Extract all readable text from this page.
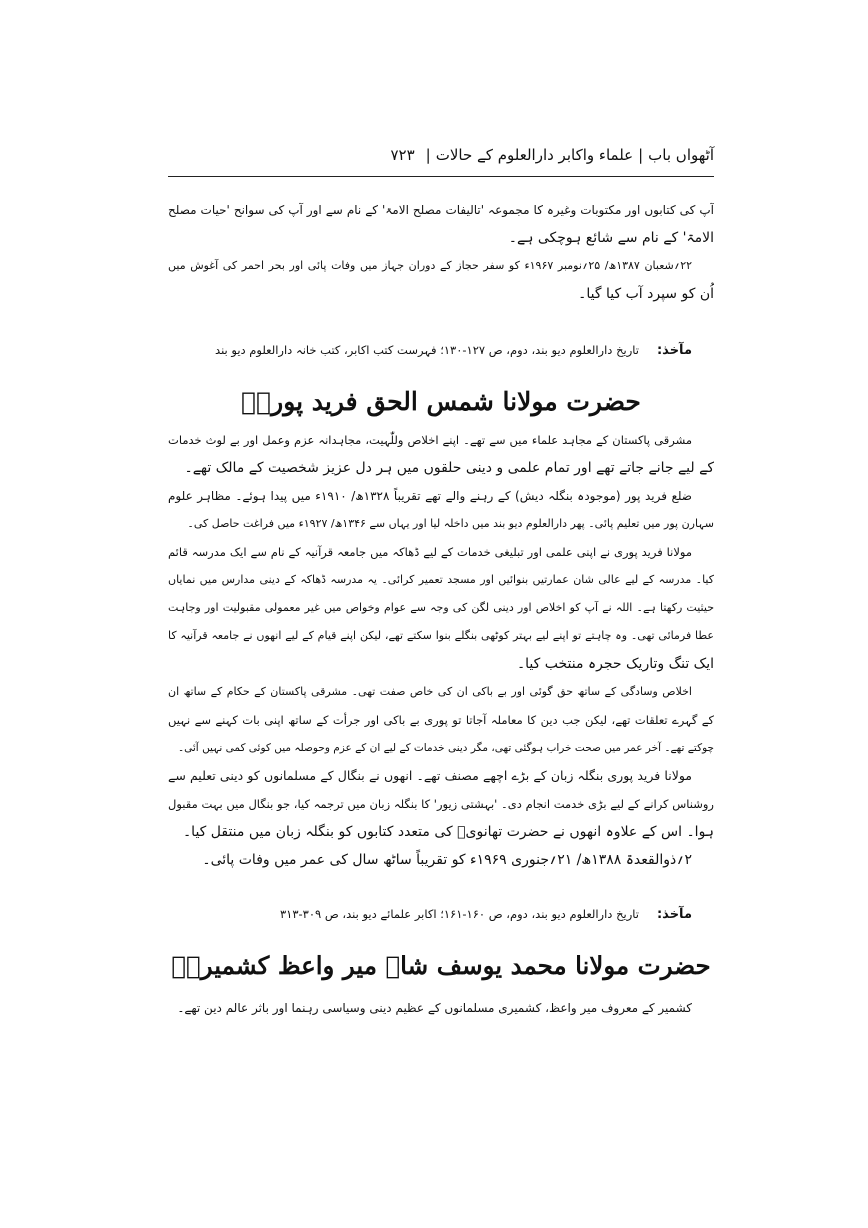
آٹھواں باب|علماء واکابر دارالعلوم کے حالات|۷۲۳
آپ کی کتابوں اور مکتوبات وغیرہ کا مجموعہ 'تالیفات مصلح الامۃ' کے نام سے اور آپ کی سوانح 'حیات مصلح
الامۃ' کے نام سے شائع ہوچکی ہے۔
۲۲؍شعبان ۱۳۸۷ھ/ ۲۵؍نومبر ۱۹۶۷ء کو سفر حجاز کے دوران جہاز میں وفات پائی اور بحر احمر کی آغوش میں
اُن کو سپرد آب کیا گیا۔
مآخذ:تاریخ دارالعلوم دیو بند، دوم، ص ۱۲۷-۱۳۰؛ فہرست کتب اکابر، کتب خانہ دارالعلوم دیو بند
حضرت مولانا شمس الحق فرید پوریؒ
مشرقی پاکستان کے مجاہد علماء میں سے تھے۔ اپنے اخلاص وللّٰہیت، مجاہدانہ عزم وعمل اور بے لوث خدمات
کے لیے جانے جاتے تھے اور تمام علمی و دینی حلقوں میں ہر دل عزیز شخصیت کے مالک تھے۔
ضلع فرید پور (موجودہ بنگلہ دیش) کے رہنے والے تھے تقریباً ۱۳۲۸ھ/ ۱۹۱۰ء میں پیدا ہوئے۔ مظاہر علوم
سہارن پور میں تعلیم پائی۔ پھر دارالعلوم دیو بند میں داخلہ لیا اور یہاں سے ۱۳۴۶ھ/ ۱۹۲۷ء میں فراغت حاصل کی۔
مولانا فرید پوری نے اپنی علمی اور تبلیغی خدمات کے لیے ڈھاکہ میں جامعہ قرآنیہ کے نام سے ایک مدرسہ قائم
کیا۔ مدرسہ کے لیے عالی شان عمارتیں بنوائیں اور مسجد تعمیر کرائی۔ یہ مدرسہ ڈھاکہ کے دینی مدارس میں نمایاں
حیثیت رکھتا ہے۔ اللہ نے آپ کو اخلاص اور دینی لگن کی وجہ سے عوام وخواص میں غیر معمولی مقبولیت اور وجاہت
عطا فرمائی تھی۔ وہ چاہتے تو اپنے لیے بہتر کوٹھی بنگلے بنوا سکتے تھے، لیکن اپنے قیام کے لیے انھوں نے جامعہ قرآنیہ کا
ایک تنگ وتاریک حجرہ منتخب کیا۔
اخلاص وسادگی کے ساتھ حق گوئی اور بے باکی ان کی خاص صفت تھی۔ مشرقی پاکستان کے حکام کے ساتھ ان
کے گہرے تعلقات تھے، لیکن جب دین کا معاملہ آجاتا تو پوری بے باکی اور جرأت کے ساتھ اپنی بات کہنے سے نہیں
چوکتے تھے۔ آخر عمر میں صحت خراب ہوگئی تھی، مگر دینی خدمات کے لیے ان کے عزم وحوصلہ میں کوئی کمی نہیں آئی۔
مولانا فرید پوری بنگلہ زبان کے بڑے اچھے مصنف تھے۔ انھوں نے بنگال کے مسلمانوں کو دینی تعلیم سے
روشناس کرانے کے لیے بڑی خدمت انجام دی۔ 'بہشتی زیور' کا بنگلہ زبان میں ترجمہ کیا، جو بنگال میں بہت مقبول
ہوا۔ اس کے علاوہ انھوں نے حضرت تھانویؒ کی متعدد کتابوں کو بنگلہ زبان میں منتقل کیا۔
۲؍ذوالقعدۃ ۱۳۸۸ھ/ ۲۱؍جنوری ۱۹۶۹ء کو تقریباً ساٹھ سال کی عمر میں وفات پائی۔
مآخذ:تاریخ دارالعلوم دیو بند، دوم، ص ۱۶۰-۱۶۱؛ اکابر علمائے دیو بند، ص ۳۰۹-۳۱۳
حضرت مولانا محمد یوسف شاہ میر واعظ کشمیریؒ
کشمیر کے معروف میر واعظ، کشمیری مسلمانوں کے عظیم دینی وسیاسی رہنما اور باثر عالم دین تھے۔
